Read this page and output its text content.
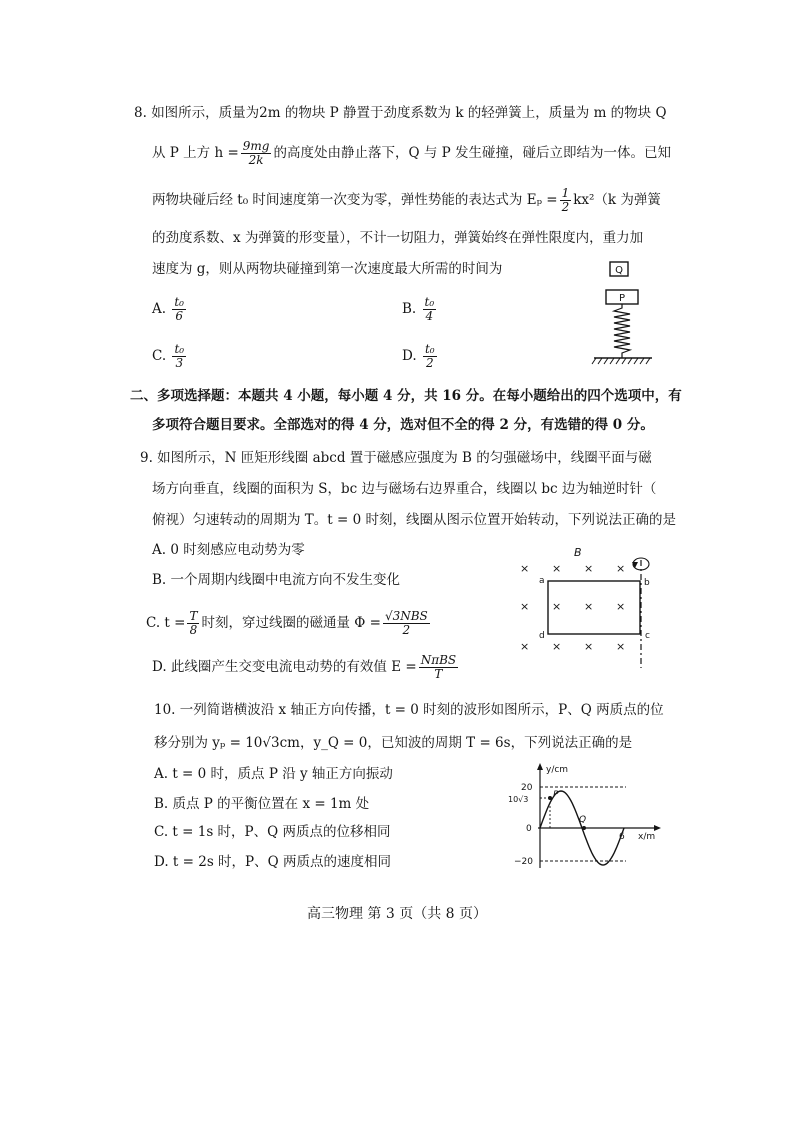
8. 如图所示，质量为2m 的物块 P 静置于劲度系数为 k 的轻弹簧上，质量为 m 的物块 Q
从 P 上方 $h = \frac{9mg}{2k}$ 的高度处由静止落下，Q 与 P 发生碰撞，碰后立即结为一体。已知
两物块碰后经 t₀ 时间速度第一次变为零，弹性势能的表达式为 $E_p = \frac{1}{2} kx^2(k$ 为弹簧
的劲度系数、x 为弹簧的形变量），不计一切阻力，弹簧始终在弹性限度内，重力加
速度为 g，则从两物块碰撞到第一次速度最大所需的时间为
A. $\frac{\text{t₀}}{6}$	B. $\frac{\text{t₀}}{4}$
C. $\frac{\text{t₀}}{3}$	D. $\frac{\text{t₀}}{2}$
Q
P
二、多项选择题：本题共 4 小题，每小题 4 分，共 16 分。在每小题给出的四个选项中，有
多项符合题目要求。全部选对的得 4 分，选对但不全的得 2 分，有选错的得 0 分。
9. 如图所示，N 匝矩形线圈 abcd 置于磁感应强度为 B 的匀强磁场中，线圈平面与磁
场方向垂直，线圈的面积为 S，bc 边与磁场右边界重合，线圈以 bc 边为轴逆时针（
俯视）匀速转动的周期为 T。t = 0 时刻，线圈从图示位置开始转动，下列说法正确的是
A. 0 时刻感应电动势为零
B. 一个周期内线圈中电流方向不发生变化
C. $t = \frac{T}{8}$ 时刻，穿过线圈的磁通量 $\Phi = \frac{\text{√3NBS}}{2}$
D. 此线圈产生交变电流电动势的有效值 $E = \frac{\text{NπBS}}{T}$
B
× × × ×
× × × ×
× × × ×
a	b
c
d
10. 一列简谐横波沿 x 轴正方向传播，t = 0 时刻的波形如图所示，P、Q 两质点的位
移分别为 yₚ = 10√3cm，y_Q = 0，已知波的周期 T = 6s，下列说法正确的是
A. t = 0 时，质点 P 沿 y 轴正方向振动
B. 质点 P 的平衡位置在 x = 1m 处
C. t = 1s 时，P、Q 两质点的位移相同
D. t = 2s 时，P、Q 两质点的速度相同
y/cm
x/m
20
10√3
0
−20
6
P
Q
高三物理 第 3 页（共 8 页）
